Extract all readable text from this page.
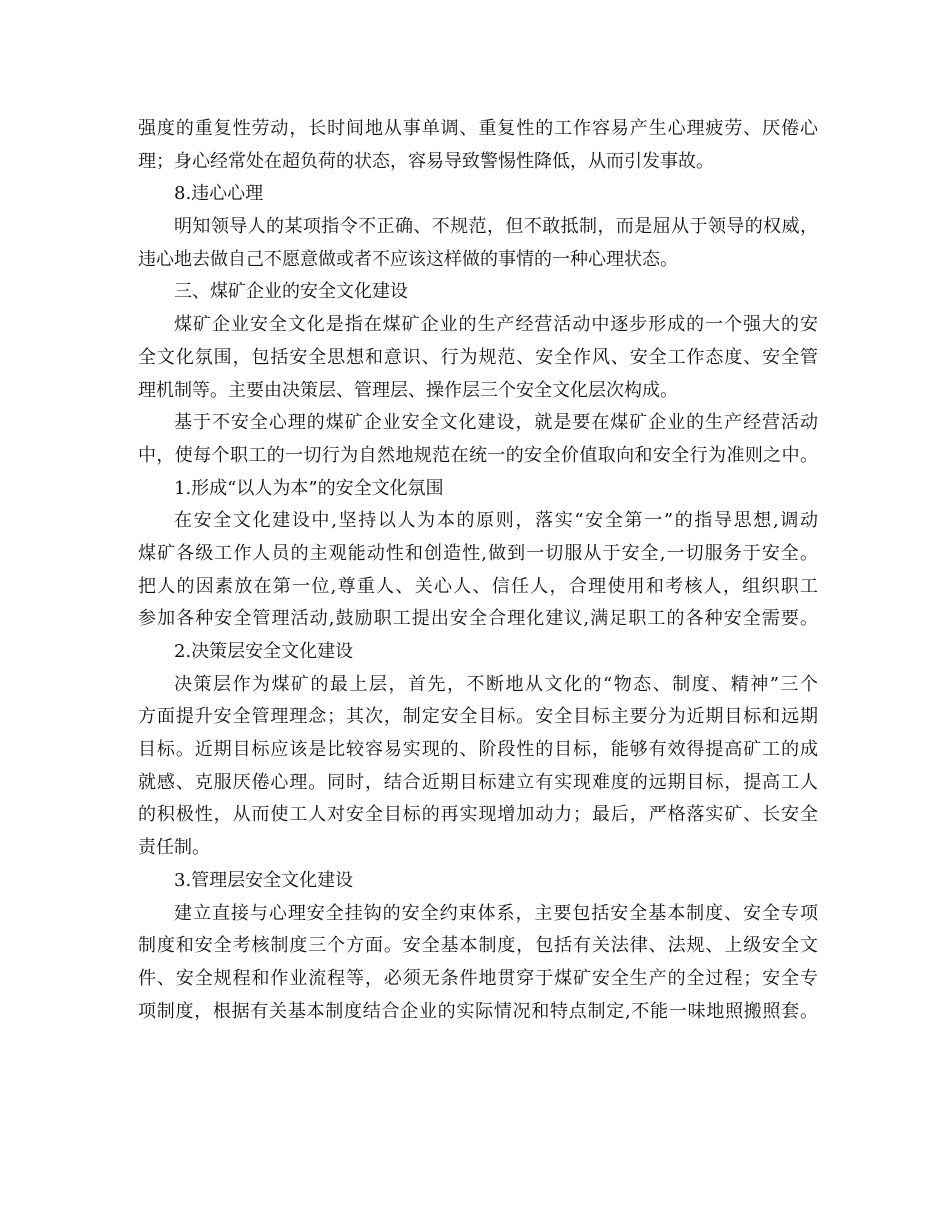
强度的重复性劳动，长时间地从事单调、重复性的工作容易产生心理疲劳、厌倦心
理；身心经常处在超负荷的状态，容易导致警惕性降低，从而引发事故。
8.违心心理
明知领导人的某项指令不正确、不规范，但不敢抵制，而是屈从于领导的权威，
违心地去做自己不愿意做或者不应该这样做的事情的一种心理状态。
三、煤矿企业的安全文化建设
煤矿企业安全文化是指在煤矿企业的生产经营活动中逐步形成的一个强大的安
全文化氛围，包括安全思想和意识、行为规范、安全作风、安全工作态度、安全管
理机制等。主要由决策层、管理层、操作层三个安全文化层次构成。
基于不安全心理的煤矿企业安全文化建设，就是要在煤矿企业的生产经营活动
中，使每个职工的一切行为自然地规范在统一的安全价值取向和安全行为准则之中。
1.形成“以人为本”的安全文化氛围
在安全文化建设中,坚持以人为本的原则，落实“安全第一”的指导思想,调动
煤矿各级工作人员的主观能动性和创造性,做到一切服从于安全,一切服务于安全。
把人的因素放在第一位,尊重人、关心人、信任人，合理使用和考核人，组织职工
参加各种安全管理活动,鼓励职工提出安全合理化建议,满足职工的各种安全需要。
2.决策层安全文化建设
决策层作为煤矿的最上层，首先，不断地从文化的“物态、制度、精神”三个
方面提升安全管理理念；其次，制定安全目标。安全目标主要分为近期目标和远期
目标。近期目标应该是比较容易实现的、阶段性的目标，能够有效得提高矿工的成
就感、克服厌倦心理。同时，结合近期目标建立有实现难度的远期目标，提高工人
的积极性，从而使工人对安全目标的再实现增加动力；最后，严格落实矿、长安全
责任制。
3.管理层安全文化建设
建立直接与心理安全挂钩的安全约束体系，主要包括安全基本制度、安全专项
制度和安全考核制度三个方面。安全基本制度，包括有关法律、法规、上级安全文
件、安全规程和作业流程等，必须无条件地贯穿于煤矿安全生产的全过程；安全专
项制度，根据有关基本制度结合企业的实际情况和特点制定,不能一味地照搬照套。
